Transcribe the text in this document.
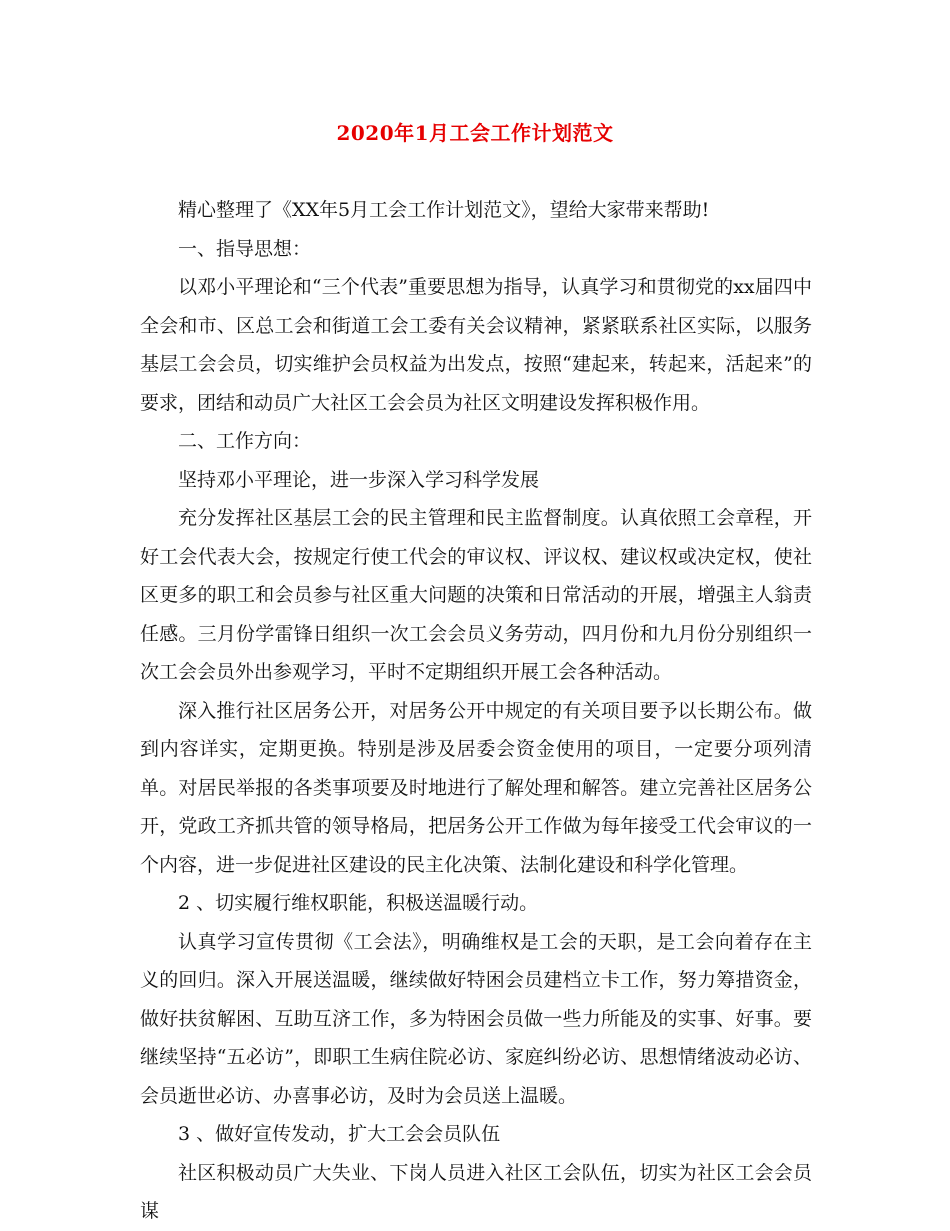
2020年1月工会工作计划范文

精心整理了《XX年5月工会工作计划范文》，望给大家带来帮助!

一、指导思想：

以邓小平理论和“三个代表”重要思想为指导，认真学习和贯彻党的xx届四中全会和市、区总工会和街道工会工委有关会议精神，紧紧联系社区实际，以服务基层工会会员，切实维护会员权益为出发点，按照“建起来，转起来，活起来”的要求，团结和动员广大社区工会会员为社区文明建设发挥积极作用。

二、工作方向：

坚持邓小平理论，进一步深入学习科学发展

充分发挥社区基层工会的民主管理和民主监督制度。认真依照工会章程，开好工会代表大会，按规定行使工代会的审议权、评议权、建议权或决定权，使社区更多的职工和会员参与社区重大问题的决策和日常活动的开展，增强主人翁责任感。三月份学雷锋日组织一次工会会员义务劳动，四月份和九月份分别组织一次工会会员外出参观学习，平时不定期组织开展工会各种活动。

深入推行社区居务公开，对居务公开中规定的有关项目要予以长期公布。做到内容详实，定期更换。特别是涉及居委会资金使用的项目，一定要分项列清单。对居民举报的各类事项要及时地进行了解处理和解答。建立完善社区居务公开，党政工齐抓共管的领导格局，把居务公开工作做为每年接受工代会审议的一个内容，进一步促进社区建设的民主化决策、法制化建设和科学化管理。

2 、切实履行维权职能，积极送温暖行动。

认真学习宣传贯彻《工会法》，明确维权是工会的天职，是工会向着存在主义的回归。深入开展送温暖，继续做好特困会员建档立卡工作，努力筹措资金，做好扶贫解困、互助互济工作，多为特困会员做一些力所能及的实事、好事。要继续坚持“五必访”，即职工生病住院必访、家庭纠纷必访、思想情绪波动必访、会员逝世必访、办喜事必访，及时为会员送上温暖。

3 、做好宣传发动，扩大工会会员队伍

社区积极动员广大失业、下岗人员进入社区工会队伍，切实为社区工会会员谋
